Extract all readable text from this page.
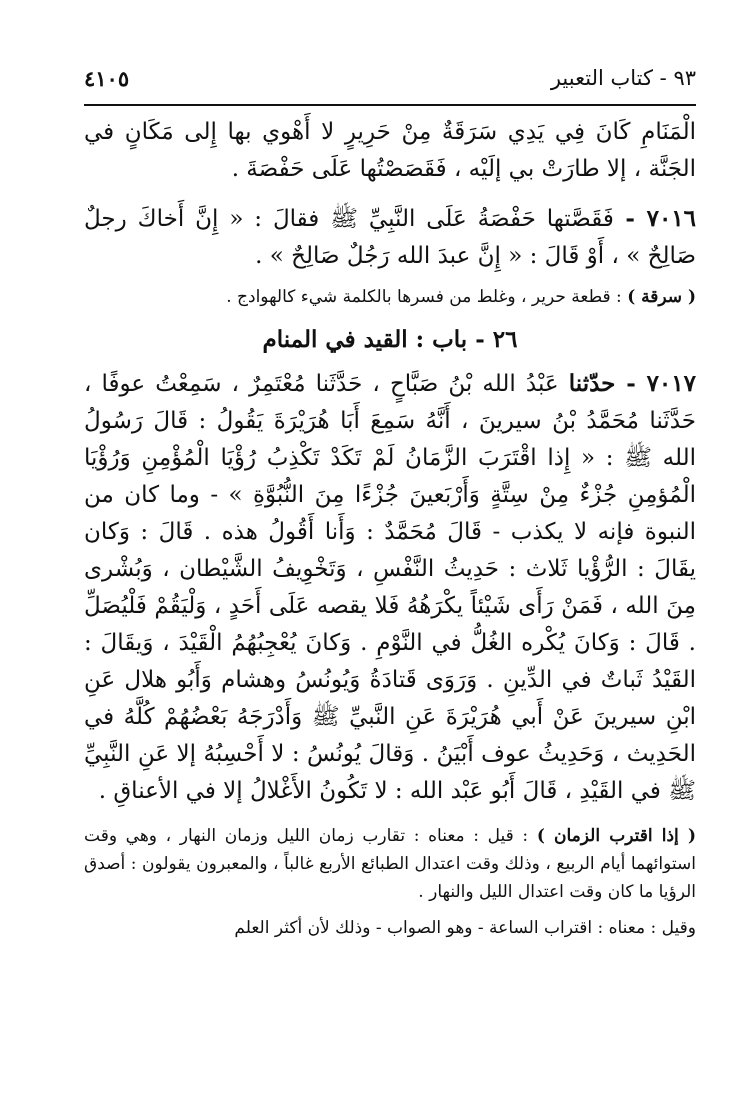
٩٣ - كتاب التعبير
٤١٠٥

الْمَنَامِ كَانَ فِي يَدِي سَرَقَةٌ مِنْ حَرِيرٍ لا أَهْوي بها إِلى مَكَانٍ في الجَنَّة ، إلا طارَتْ بي إلَيْه ، فَقَصَصْتُها عَلَى حَفْصَةَ .

٧٠١٦ - فَقَصَّتها حَفْصَةُ عَلَى النَّبِيِّ ﷺ فقالَ : « إِنَّ أَخاكَ رجلٌ صَالِحٌ » ، أَوْ قَالَ : « إِنَّ عبدَ الله رَجُلٌ صَالِحٌ » .

( سرقة ) : قطعة حرير ، وغلط من فسرها بالكلمة شيء كالهوادج .

٢٦ - باب : القيد في المنام

٧٠١٧ - حدّثنا عَبْدُ الله بْنُ صَبَّاحٍ ، حَدَّثَنا مُعْتَمِرٌ ، سَمِعْتُ عوفًا ، حَدَّثَنا مُحَمَّدُ بْنُ سيرينَ ، أَنَّهُ سَمِعَ أَبَا هُرَيْرَةَ يَقُولُ : قَالَ رَسُولُ الله ﷺ : « إِذا اقْتَرَبَ الزَّمَانُ لَمْ تَكَدْ تَكْذِبُ رُؤْيَا الْمُؤْمِنِ وَرُؤْيَا الْمُؤمِنِ جُزْءٌ مِنْ سِتَّةٍ وَأَرْبَعينَ جُزْءًا مِنَ النُّبُوَّةِ » - وما كان من النبوة فإنه لا يكذب - قَالَ مُحَمَّدٌ : وَأَنا أَقُولُ هذه . قَالَ : وَكان يقَالَ : الرُّؤْيا ثَلاث : حَدِيثُ النَّفْسِ ، وَتَخْوِيفُ الشَّيْطان ، وَبُشْرى مِنَ الله ، فَمَنْ رَأَى شَيْئاً يكْرَهُهُ فَلا يقصه عَلَى أَحَدٍ ، وَلْيَقُمْ فَلْيُصَلِّ . قَالَ : وَكانَ يُكْره الغُلُّ في النَّوْمِ . وَكانَ يُعْجِبُهُمُ الْقَيْدَ ، وَيقَالَ : القَيْدُ ثَباتٌ في الدِّينِ . وَرَوَى قَتادَةُ وَيُونُسُ وهشام وَأَبُو هلال عَنِ ابْنِ سيرينَ عَنْ أَبي هُرَيْرَةَ عَنِ النَّبيِّ ﷺ وَأَدْرَجَهُ بَعْضُهُمْ كُلَّهُ في الحَدِيث ، وَحَدِيثُ عوف أَبْيَنُ . وَقالَ يُونُسُ : لا أَحْسِبُهُ إلا عَنِ النَّبِيِّ ﷺ في القَيْدِ ، قَالَ أَبُو عَبْد الله : لا تَكُونُ الأَغْلالُ إلا في الأعناقِ .

( إذا اقترب الزمان ) : قيل : معناه : تقارب زمان الليل وزمان النهار ، وهي وقت استوائهما أيام الربيع ، وذلك وقت اعتدال الطبائع الأربع غالباً ، والمعبرون يقولون : أصدق الرؤيا ما كان وقت اعتدال الليل والنهار .

وقيل : معناه : اقتراب الساعة - وهو الصواب - وذلك لأن أكثر العلم
